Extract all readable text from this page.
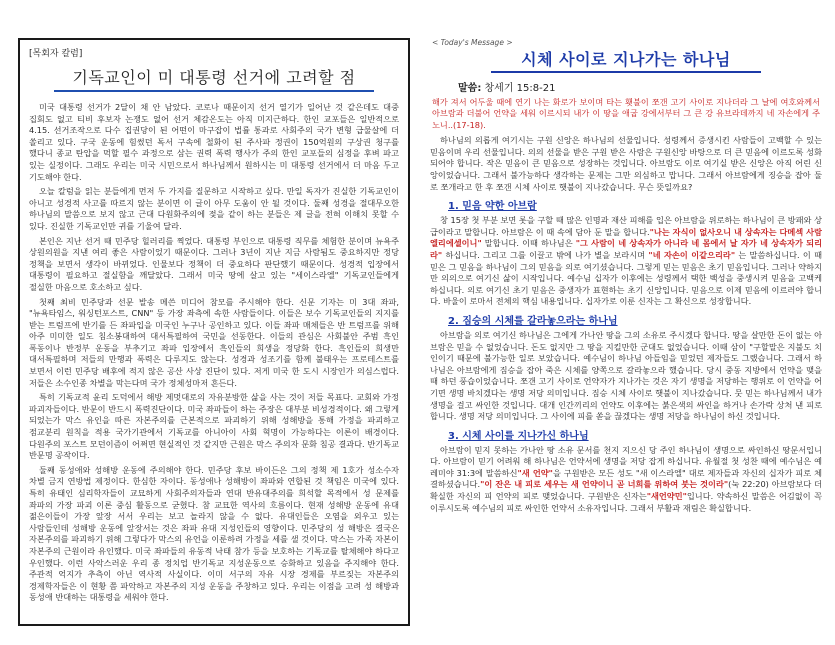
[목회자 칼럼]
기독교인이 미 대통령 선거에 고려할 점

미국 대통령 선거가 2달이 채 안 남았다. 코로나 때문이지 선거 열기가 일어난 것 같은데도 대중 집회도 없고 티비 후보자 논쟁도 없어 선거 체감온도는 아직 미지근하다. 한인 교포들은 일반적으로 4.15. 선거조작으로 다수 집권당이 된 어떤이 마구잡이 법률 통과로 사회주의 국가 변형 급물살에 더 쏠리고 있다. 구국 운동에 힘썼던 독서 구속에 철화이 된 주사파 정권이 150억원의 구상권 청구를 했다니 종교 탄압을 먹할 필수 과정으로 삼는 권력 폭력 행사가 주의 한인 교포들의 심정을 후벼 파고 있는 실정이다. 그래도 우리는 미국 시민으로서 하나님께서 원하시는 미 대통령 선거에서 더 마음 두고 기도해야 한다.

오늘 칼럼을 읽는 분들에게 먼저 두 가지를 질문하고 시작하고 싶다. 만일 독자가 진실한 기독교인이 아니고 성경적 사고를 따르지 않는 분이면 이 글이 아무 도움이 안 될 것이다. 둘째 성경을 절대무오한 하나님의 말씀으로 보지 않고 근대 다원화주의에 젖을 같이 하는 분들은 제 글을 전혀 이해치 못할 수 있다. 진실한 기독교인만 귀를 기울여 달라.

본인은 지난 선거 때 민주당 힐러리를 찍었다. 대통령 부인으로 대통령 직무를 체험한 분이며 뉴욕주 상원의원을 지낸 여리 좋은 사람이었기 때문이다. 그러나 3년이 지난 지금 사람됨도 중요하지만 정당 정책을 보면서 생각이 바뀌었다. 인물보다 정책이 더 중요하다 판단했기 때문이다. 성경적 입장에서 대통령이 필요하고 절실함을 깨달았다. 그래서 미국 땅에 살고 있는 "세이스라엘" 기독교인들에게 절실한 마음으로 호소하고 싶다.

첫째 최비 민주당과 선문 발송 메쓴 미디어 참모를 주시해야 한다. 신문 기자는 미 3대 좌파, "뉴욕타임스, 워싱턴포스트, CNN" 등 가장 좌측에 속한 사람들이다. 이들은 보수 기독교인들의 지지를 받는 트럼프에 반기를 든 좌파입을 미국인 누구나 공인하고 있다. 이들 좌파 매체들은 반 트럼프를 위해 아주 미미한 일도 침소봉대하여 대서특필하여 국민을 선동한다. 이들의 관심은 사회불안 주범 흑인 폭동이나 반정부 운동을 부추기고 좌파 입장에서 흑인들의 희생을 정당화 한다. 흑인들의 희생만 대서특필하며 저들의 만행과 폭력은 다루지도 않는다. 성경과 성조기를 함께 불태우는 프로테스트를 보면서 이런 민주당 배후에 적지 않은 공산 사상 진단이 있다. 저게 미국 한 도시 시장인가 의심스럽다. 저들은 소수인종 차별을 막는다며 국가 정체성마저 흔든다.

특히 기독교적 윤리 도덕에서 해방 제멋대로의 자유분방한 삶을 사는 것이 저들 목표다. 교회와 가정 파괴자들이다. 반문이 반드시 폭력진단이다. 미국 좌파들이 하는 주장은 대부분 비성경적이다. 왜 그렇게 되었는가 막스 유인을 따른 자본주의를 근본적으로 파괴하기 위해 성해방을 통해 가정을 파괴하고 점교분리 원칙을 적용 국가기관에서 기독교를 아니아이 사회 혁명이 가능하다는 이론이 배경이다. 다원주의 포스트 모던이즘이 어쩌면 현실적인 것 같지만 근원은 막스 주의자 문화 침공 결과다. 반기독교 반문명 공작이다.

둘째 동성애와 성해방 운동에 주의해야 한다. 민주당 후보 바이든은 그의 정책 제 1호가 성소수자 차별 금지 연방법 제정이다. 한심한 자이다. 동성애나 성해방이 좌파와 연합된 것 책임은 미국에 있다. 특히 유태인 심리학자들이 교묘하게 사회주의자들과 연대 반유대주의를 희석할 목적에서 성 문제를 좌파의 가장 파괴 이론 중심 활동으로 굳혔다. 참 교묘한 역사의 흐름이다. 현재 성해방 운동에 유대 젊은이들이 가장 앞장 서서 우리는 보고 놀라지 않을 수 없다. 유대인들은 오염을 외우고 있는 사람들인데 성해방 운동에 앞장서는 것은 좌파 유대 지성인들의 영향이다. 민주당의 성 해방은 결국은 자본주의를 파괴하기 위해 그렇다가 막스의 유언을 이룬하려 가정을 세를 샐 것이다. 막스는 가족 자본이 자본주의 근원이라 유인했다. 미국 좌파들의 유동적 낙태 참가 등을 보호하는 기독교를 탈체해야 하다고 우인했다. 이런 사악스러운 우리 종 정치업 반기독교 지성운동으로 승화하고 있음을 주지해야 한다. 주관적 억지가 추측이 아닌 역사적 사실이다. 이미 서구의 자유 시장 경제를 부르짖는 자본주의 경제학자들은 이 현황 쯤 파악하고 자본주의 지성 운동을 주창하고 있다. 우리는 이점을 고려 성 해방과 동성애 반대하는 대통령을 세워야 한다.

< Today's Message >
시체 사이로 지나가는 하나님
말씀: 창세기 15:8-21
해가 져서 어두울 때에 연기 나는 화로가 보이며 타는 횃불이 쪼갠 고기 사이로 지나더라 그 날에 여호와께서 아브람과 더불어 언약을 세워 이르시되 내가 이 땅을 애굽 강에서부터 그 큰 강 유브라데까지 네 자손에게 주노니..(17-18).

하나님의 의롭게 여기시는 구원 신앙은 하나님의 선물입니다. 성령께서 증생시킨 사람들이 고백할 수 있는 믿음이며 우리 선물입니다. 의의 선물을 받은 구원 받은 사람은 구원신앙 바탕으로 더 큰 믿음에 이르도록 성화되어야 합니다. 작은 믿음이 큰 믿음으로 성장하는 것입니다. 아브람도 이로 여기실 받은 신앙은 아직 어린 신앙이었습니다. 그래서 불가능하다 생각하는 문제는 그만 의심하고 맙니다. 그래서 아브람에게 징승을 잡아 둘로 쪼개라고 한 후 쪼갠 시체 사이로 햇불이 지나갔습니다. 무슨 뜻일까요?

1. 믿음 약한 아브람

창 15장 첫 부분 보면 롯을 구할 때 많은 인명과 재산 피해를 입은 아브람을 위로하는 하나님이 큰 방패와 상급이라고 말합니다. 아브람은 이 때 속에 담아 둔 말을 합니다."나는 자식이 없사오니 내 상속자는 다메섹 사람 엘리에셀이니" 말합니다. 이때 하나님은 "그 사람이 네 상속자가 아니라 네 몸에서 날 자가 네 상속자가 되리라" 하십니다. 그리고 그를 이끌고 밖에 나가 별을 보라시며 "네 자손이 이같으리라" 는 말씀하십니다. 이 때 믿은 그 믿음을 하나님이 그의 믿음을 의로 여기셨습니다. 그렇게 믿는 믿음은 초기 믿음입니다. 그러나 약하지만 의의으로 여기신 삶이 시작입니다. 예수님 십자가 이후에는 성령께서 택한 백성을 중생시켜 믿음을 고백케 하십니다. 의로 여기신 초기 믿음은 중생자가 표현하는 초기 신앙입니다. 믿음으로 이제 믿음에 이르러야 합니다. 바울이 로마서 전체의 핵심 내용입니다. 십자가로 이룬 신자는 그 확신으로 성장합니다.

2. 짐승의 시체를 갈라놓으라는 하나님

아브람을 의로 여기신 하나님은 그에게 가나안 땅을 그의 소유로 주시겠다 합니다. 땅을 살만한 돈이 없는 아브람은 믿을 수 없었습니다. 돈도 없지만 그 땅을 지킬만한 군대도 없었습니다. 이때 삼이 "구할말은 지불도 치인이기 때문에 불가능한 일로 보았습니다. 예수님이 하나님 아들임을 믿었던 제자들도 그랬습니다. 그래서 하나님은 아브람에게 짐승을 잡아 죽은 시체를 양쪽으로 갈라놓으라 했습니다. 당시 중동 지방에서 언약을 맺을 때 하던 풍습이었습니다. 쪼갠 고기 사이로 언약자가 지나가는 것은 자기 생명을 저당하는 행위로 이 언약을 어기면 생명 바치겠다는 생명 저당 의미입니다. 짐승 시체 사이로 햇불이 지나갔습니다. 뭇 믿는 하나님께서 내가 생명을 걸고 싸인한 것입니다. 대개 인간끼리의 언약도 이후에는 붉은색의 싸인을 하거나 손가락 상처 낸 피로 합니다. 생명 저당 의미입니다. 그 사이에 피를 쏟을 끊겠다는 생명 저당을 하나님이 하신 것입니다.

3. 시체 사이를 지나가신 하나님

아브람이 믿지 못하는 가나안 땅 소유 문서를 천지 지으신 당 주인 하나님이 생명으로 싸인하신 땅문서입니다. 아브람이 믿기 어려워 해 하나님은 언약서에 생명을 저당 잡게 하십니다. 유월절 첫 성찬 때에 예수님은 예레미야 31:3에 말씀하신"새 언약"을 구원받은 모든 성도 "새 이스라엘" 대로 제자들과 자신의 십자가 피로 체결하셨습니다."이 잔은 내 피로 세우는 새 언약이니 곧 너희를 위하여 붓는 것이라"(눅 22:20) 아브람보다 더 확실한 자신의 피 언약의 피로 맺었습니다. 구원받은 신자는"새언약민"입니다. 약속하신 말씀은 어김없이 꼭 이루시도록 예수님의 피로 싸인한 언약서 소유자입니다. 그래서 부활과 재림은 확실합니다.
